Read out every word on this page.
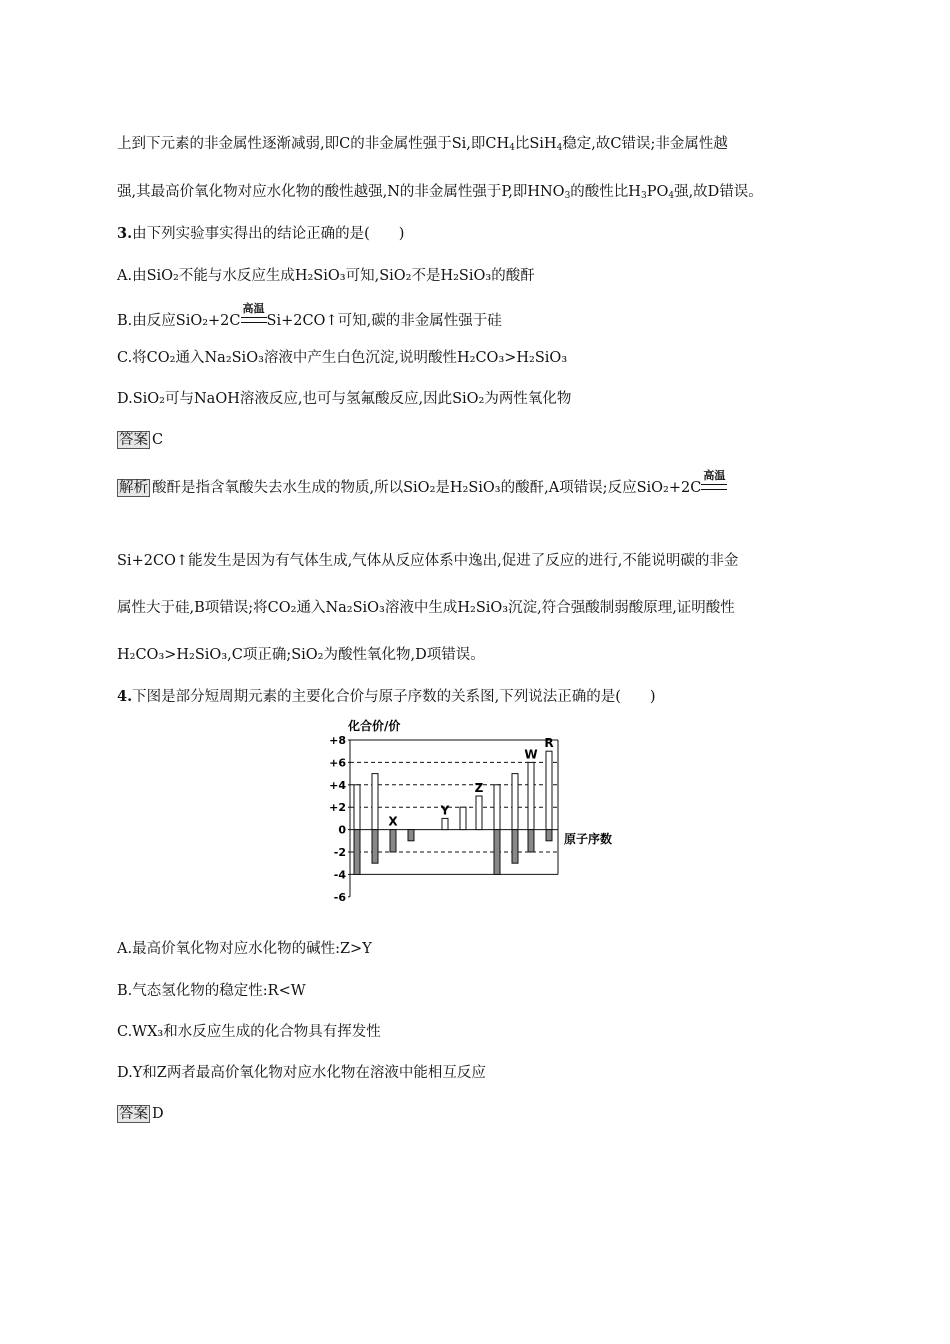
上到下元素的非金属性逐渐减弱,即C的非金属性强于Si,即$CH_4$比SiH$_4$稳定,故C错误;非金属性越
强,其最高价氧化物对应水化物的酸性越强,N的非金属性强于P,即$HNO_3$的酸性比$H_3PO_4$强,故D错误。
3.由下列实验事实得出的结论正确的是(　　)
A.由SiO₂不能与水反应生成H₂SiO₃可知,SiO₂不是H₂SiO₃的酸酐
B.由反应SiO₂+2C
高温
Si+2CO↑可知,碳的非金属性强于硅
C.将CO₂通入Na₂SiO₃溶液中产生白色沉淀,说明酸性H₂CO₃>H₂SiO₃
D.SiO₂可与NaOH溶液反应,也可与氢氟酸反应,因此SiO₂为两性氧化物
答案 C
解析 酸酐是指含氧酸失去水生成的物质,所以SiO₂是H₂SiO₃的酸酐,A项错误;反应SiO₂+2C
高温
Si+2CO↑能发生是因为有气体生成,气体从反应体系中逸出,促进了反应的进行,不能说明碳的非金
属性大于硅,B项错误;将CO₂通入Na₂SiO₃溶液中生成H₂SiO₃沉淀,符合强酸制弱酸原理,证明酸性
H₂CO₃>H₂SiO₃,C项正确;SiO₂为酸性氧化物,D项错误。
4.下图是部分短周期元素的主要化合价与原子序数的关系图,下列说法正确的是(　　)
化合价/价
原子序数
+8
+6
+4
+2
0
-2
-4
-6
X
Y
Z
W
R
A.最高价氧化物对应水化物的碱性:Z>Y
B.气态氢化物的稳定性:R<W
C.WX₃和水反应生成的化合物具有挥发性
D.Y和Z两者最高价氧化物对应水化物在溶液中能相互反应
答案 D
